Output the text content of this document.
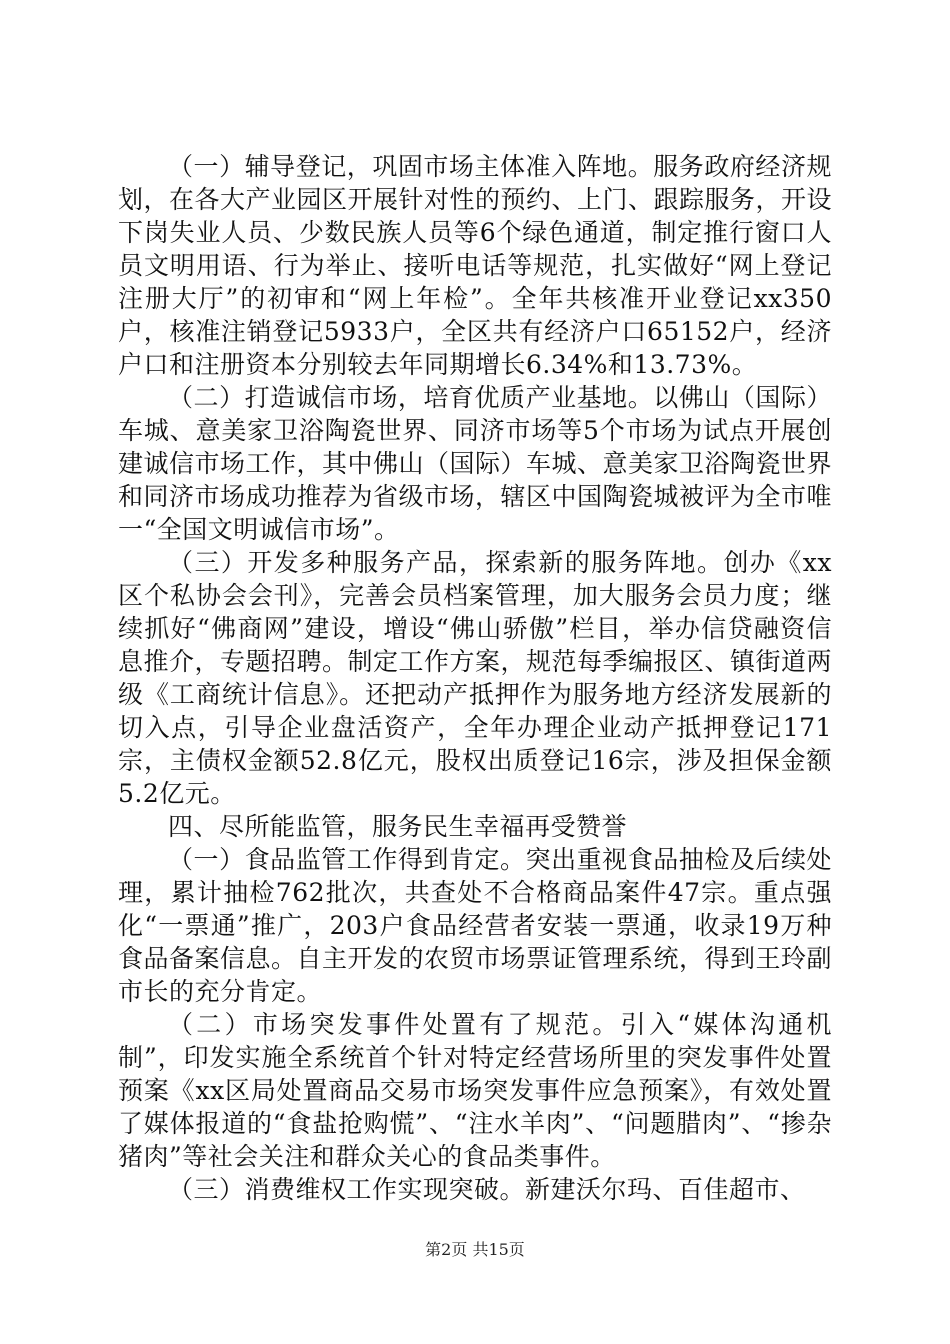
（一）辅导登记，巩固市场主体准入阵地。服务政府经济规划，在各大产业园区开展针对性的预约、上门、跟踪服务，开设下岗失业人员、少数民族人员等6个绿色通道，制定推行窗口人员文明用语、行为举止、接听电话等规范，扎实做好“网上登记注册大厅”的初审和“网上年检”。全年共核准开业登记xx350户，核准注销登记5933户，全区共有经济户口65152户，经济户口和注册资本分别较去年同期增长6.34%和13.73%。

（二）打造诚信市场，培育优质产业基地。以佛山（国际）车城、意美家卫浴陶瓷世界、同济市场等5个市场为试点开展创建诚信市场工作，其中佛山（国际）车城、意美家卫浴陶瓷世界和同济市场成功推荐为省级市场，辖区中国陶瓷城被评为全市唯一“全国文明诚信市场”。

（三）开发多种服务产品，探索新的服务阵地。创办《xx区个私协会会刊》，完善会员档案管理，加大服务会员力度；继续抓好“佛商网”建设，增设“佛山骄傲”栏目，举办信贷融资信息推介，专题招聘。制定工作方案，规范每季编报区、镇街道两级《工商统计信息》。还把动产抵押作为服务地方经济发展新的切入点，引导企业盘活资产，全年办理企业动产抵押登记171宗，主债权金额52.8亿元，股权出质登记16宗，涉及担保金额5.2亿元。

四、尽所能监管，服务民生幸福再受赞誉

（一）食品监管工作得到肯定。突出重视食品抽检及后续处理，累计抽检762批次，共查处不合格商品案件47宗。重点强化“一票通”推广，203户食品经营者安装一票通，收录19万种食品备案信息。自主开发的农贸市场票证管理系统，得到王玲副市长的充分肯定。

（二）市场突发事件处置有了规范。引入“媒体沟通机制”，印发实施全系统首个针对特定经营场所里的突发事件处置预案《xx区局处置商品交易市场突发事件应急预案》，有效处置了媒体报道的“食盐抢购慌”、“注水羊肉”、“问题腊肉”、“掺杂猪肉”等社会关注和群众关心的食品类事件。

（三）消费维权工作实现突破。新建沃尔玛、百佳超市、

第2页 共15页
